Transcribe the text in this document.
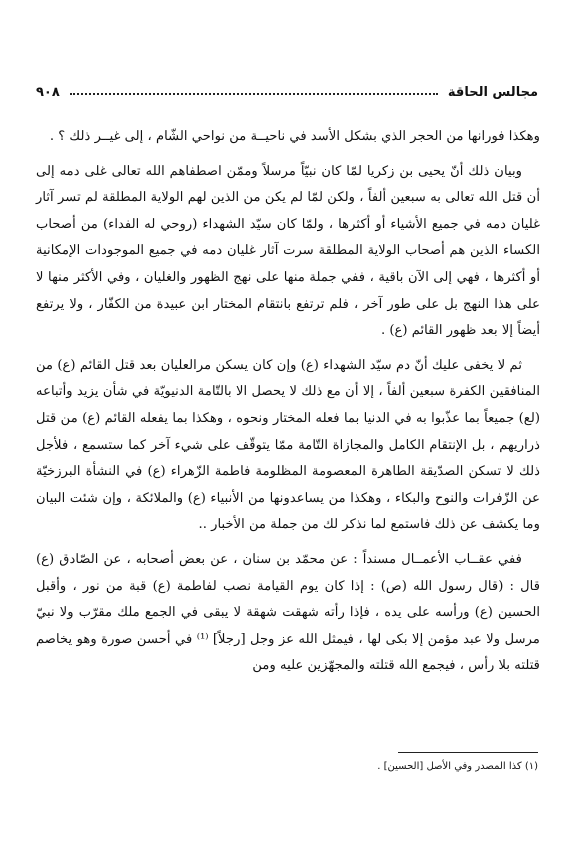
مجالس الحاقة
٩٠٨

وهكذا فورانها من الحجر الذي بشكل الأسد في ناحيــة من نواحي الشّام ، إلى غيــر ذلك ؟ .

وبيان ذلك أنّ يحيى بن زكريا لمّا كان نبيّاً مرسلاً وممّن اصطفاهم الله تعالى غلى دمه إلى أن قتل الله تعالى به سبعين ألفاً ، ولكن لمّا لم يكن من الذين لهم الولاية المطلقة لم تسر آثار غليان دمه في جميع الأشياء أو أكثرها ، ولمّا كان سيّد الشهداء (روحي له الفداء) من أصحاب الكساء الذين هم أصحاب الولاية المطلقة سرت آثار غليان دمه في جميع الموجودات الإمكانية أو أكثرها ، فهي إلى الآن باقية ، ففي جملة منها على نهج الظهور والغليان ، وفي الأكثر منها لا على هذا النهج بل على طور آخر ، فلم ترتفع بانتقام المختار ابن عبيدة من الكفّار ، ولا يرتفع أيضاً إلا بعد ظهور القائم (ع) .

ثم لا يخفى عليك أنّ دم سيّد الشهداء (ع) وإن كان يسكن مرالعليان بعد قتل القائم (ع) من المنافقين الكفرة سبعين ألفاً ، إلا أن مع ذلك لا يحصل الا بالتّامة الدنيويّة في شأن يزيد وأتباعه (لع) جميعاً بما عذّبوا به في الدنيا بما فعله المختار ونحوه ، وهكذا بما يفعله القائم (ع) من قتل ذراريهم ، بل الإنتقام الكامل والمجازاة التّامة ممّا يتوقّف على شيء آخر كما ستسمع ، فلأجل ذلك لا تسكن الصدّيقة الطاهرة المعصومة المظلومة فاطمة الزّهراء (ع) في النشأة البرزخيّة عن الزّفرات والنوح والبكاء ، وهكذا من يساعدونها من الأنبياء (ع) والملائكة ، وإن شئت البيان وما يكشف عن ذلك فاستمع لما نذكر لك من جملة من الأخبار ..

ففي عقــاب الأعمــال مسنداً : عن محمّد بن سنان ، عن بعض أصحابه ، عن الصّادق (ع) قال : (قال رسول الله (ص) : إذا كان يوم القيامة نصب لفاطمة (ع) قبة من نور ، وأقبل الحسين (ع) ورأسه على يده ، فإذا رأته شهقت شهقة لا يبقى في الجمع ملك مقرّب ولا نبيّ مرسل ولا عبد مؤمن إلا بكى لها ، فيمثل الله عز وجل [رجلاً] ⁽¹⁾ في أحسن صورة وهو يخاصم قتلته بلا رأس ، فيجمع الله قتلته والمجهّزين عليه ومن

(١) كذا المصدر وفي الأصل [الحسين] .
